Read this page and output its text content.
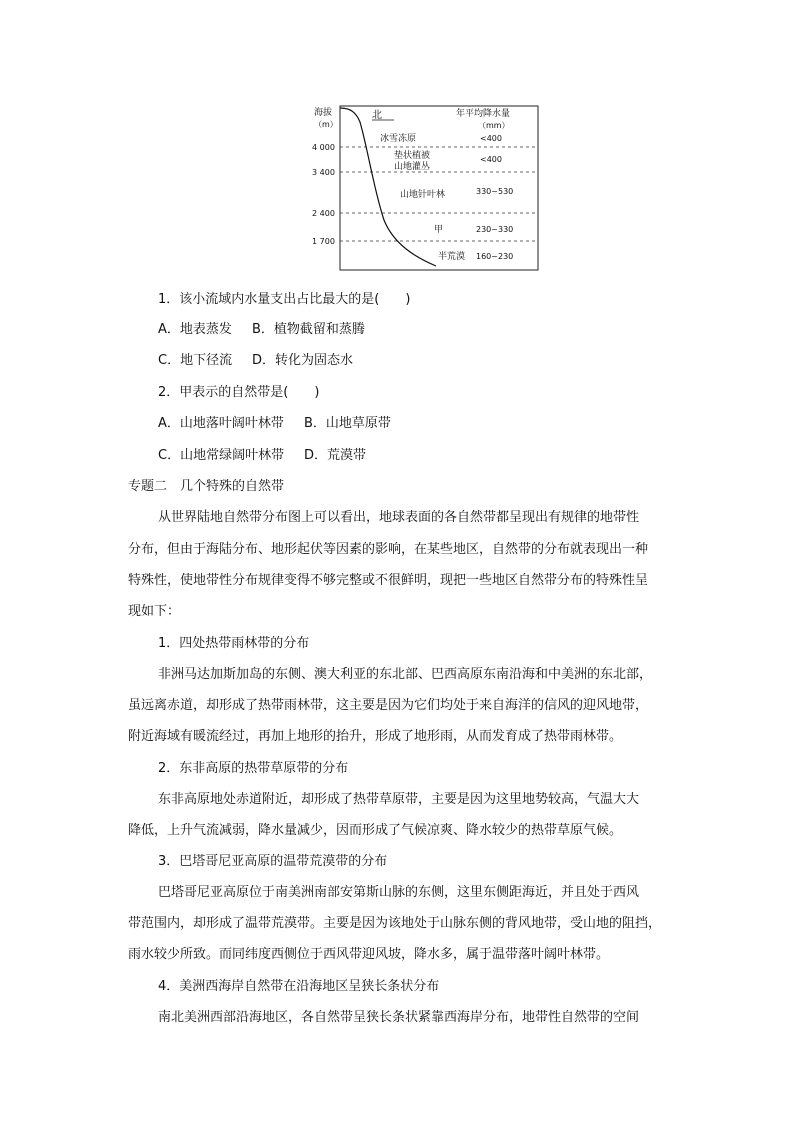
北
海拔
（m）
4 000
3 400
2 400
1 700
年平均降水量
（mm）
冰雪冻原	<400
垫状植被
山地灌丛
<400
山地针叶林	330~530
甲	230~330
半荒漠 160~230
1．该小流域内水量支出占比最大的是(　　)
A．地表蒸发 B．植物截留和蒸腾
C．地下径流 D．转化为固态水
2．甲表示的自然带是(　　)
A．山地落叶阔叶林带 B．山地草原带
C．山地常绿阔叶林带 D．荒漠带
专题二　几个特殊的自然带
从世界陆地自然带分布图上可以看出，地球表面的各自然带都呈现出有规律的地带性
分布，但由于海陆分布、地形起伏等因素的影响，在某些地区，自然带的分布就表现出一种
特殊性，使地带性分布规律变得不够完整或不很鲜明，现把一些地区自然带分布的特殊性呈
现如下：
1．四处热带雨林带的分布
非洲马达加斯加岛的东侧、澳大利亚的东北部、巴西高原东南沿海和中美洲的东北部，
虽远离赤道，却形成了热带雨林带，这主要是因为它们均处于来自海洋的信风的迎风地带，
附近海域有暖流经过，再加上地形的抬升，形成了地形雨，从而发育成了热带雨林带。
2．东非高原的热带草原带的分布
东非高原地处赤道附近，却形成了热带草原带，主要是因为这里地势较高，气温大大
降低，上升气流减弱，降水量减少，因而形成了气候凉爽、降水较少的热带草原气候。
3．巴塔哥尼亚高原的温带荒漠带的分布
巴塔哥尼亚高原位于南美洲南部安第斯山脉的东侧，这里东侧距海近，并且处于西风
带范围内，却形成了温带荒漠带。主要是因为该地处于山脉东侧的背风地带，受山地的阻挡，
雨水较少所致。而同纬度西侧位于西风带迎风坡，降水多，属于温带落叶阔叶林带。
4．美洲西海岸自然带在沿海地区呈狭长条状分布
南北美洲西部沿海地区，各自然带呈狭长条状紧靠西海岸分布，地带性自然带的空间
